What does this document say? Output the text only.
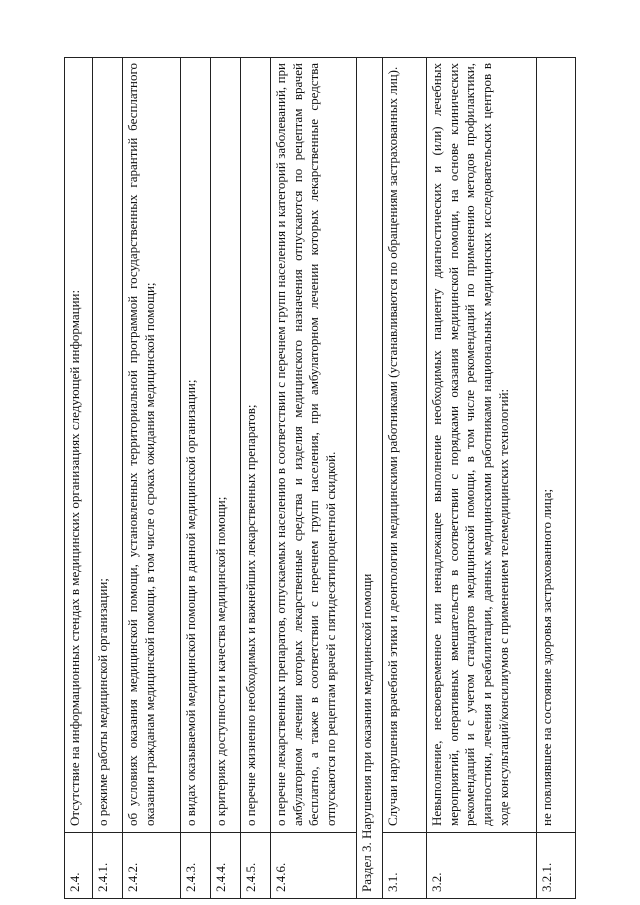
2.4.	Отсутствие на информационных стендах в медицинских организациях следующей информации:
2.4.1.	о режиме работы медицинской организации;
2.4.2.	об условиях оказания медицинской помощи, установленных территориальной программой государственных гарантий бесплатного оказания гражданам медицинской помощи, в том числе о сроках ожидания медицинской помощи;
2.4.3.	о видах оказываемой медицинской помощи в данной медицинской организации;
2.4.4.	о критериях доступности и качества медицинской помощи;
2.4.5.	о перечне жизненно необходимых и важнейших лекарственных препаратов;
2.4.6.	о перечне лекарственных препаратов, отпускаемых населению в соответствии с перечнем групп населения и категорий заболеваний, при амбулаторном лечении которых лекарственные средства и изделия медицинского назначения отпускаются по рецептам врачей бесплатно, а также в соответствии с перечнем групп населения, при амбулаторном лечении которых лекарственные средства отпускаются по рецептам врачей с пятидесятипроцентной скидкой.
Раздел 3. Нарушения при оказании медицинской помощи	
3.1.	Случаи нарушения врачебной этики и деонтологии медицинскими работниками (устанавливаются по обращениям застрахованных лиц).
3.2.	Невыполнение, несвоевременное или ненадлежащее выполнение необходимых пациенту диагностических и (или) лечебных мероприятий, оперативных вмешательств в соответствии с порядками оказания медицинской помощи, на основе клинических рекомендаций и с учетом стандартов медицинской помощи, в том числе рекомендаций по применению методов профилактики, диагностики, лечения и реабилитации, данных медицинскими работниками национальных медицинских исследовательских центров в ходе консультаций/консилиумов с применением телемедицинских технологий:
3.2.1.	не повлиявшее на состояние здоровья застрахованного лица;
